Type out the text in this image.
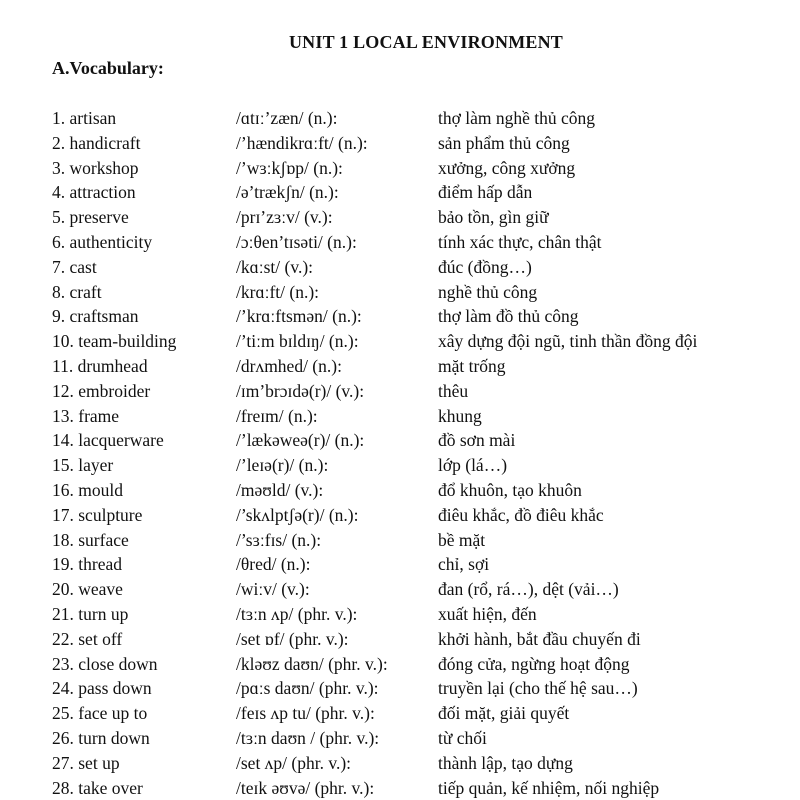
UNIT 1 LOCAL ENVIRONMENT
A.Vocabulary:
1. artisan	/ɑtɪː’zæn/ (n.):	thợ làm nghề thủ công
2. handicraft	/’hændikrɑːft/ (n.):	sản phẩm thủ công
3. workshop	/’wɜːkʃɒp/ (n.):	xưởng, công xưởng
4. attraction	/ə’trækʃn/ (n.):	điểm hấp dẫn
5. preserve	/prɪ’zɜːv/ (v.):	bảo tồn, gìn giữ
6. authenticity	/ɔːθen’tɪsəti/ (n.):	tính xác thực, chân thật
7. cast	/kɑːst/ (v.):	đúc (đồng…)
8. craft	/krɑːft/ (n.):	nghề thủ công
9. craftsman	/’krɑːftsmən/ (n.):	thợ làm đồ thủ công
10. team-building	/’tiːm bɪldɪŋ/ (n.):	xây dựng đội ngũ, tinh thần đồng đội
11. drumhead	/drʌmhed/ (n.):	mặt trống
12. embroider	/ɪm’brɔɪdə(r)/ (v.):	thêu
13. frame	/freɪm/ (n.):	khung
14. lacquerware	/’lækəweə(r)/ (n.):	đồ sơn mài
15. layer	/’leɪə(r)/ (n.):	lớp (lá…)
16. mould	/məʊld/ (v.):	đổ khuôn, tạo khuôn
17. sculpture	/’skʌlptʃə(r)/ (n.):	điêu khắc, đồ điêu khắc
18. surface	/’sɜːfɪs/ (n.):	bề mặt
19. thread	/θred/ (n.):	chỉ, sợi
20. weave	/wiːv/ (v.):	đan (rổ, rá…), dệt (vải…)
21. turn up	/tɜːn ʌp/ (phr. v.):	xuất hiện, đến
22. set off	/set ɒf/ (phr. v.):	khởi hành, bắt đầu chuyến đi
23. close down	/kləʊz daʊn/ (phr. v.):	đóng cửa, ngừng hoạt động
24. pass down	/pɑːs daʊn/ (phr. v.):	truyền lại (cho thế hệ sau…)
25. face up to	/feɪs ʌp tu/ (phr. v.):	đối mặt, giải quyết
26. turn down	/tɜːn daʊn / (phr. v.):	từ chối
27. set up	/set ʌp/ (phr. v.):	thành lập, tạo dựng
28. take over	/teɪk əʊvə/ (phr. v.):	tiếp quản, kế nhiệm, nối nghiệp
